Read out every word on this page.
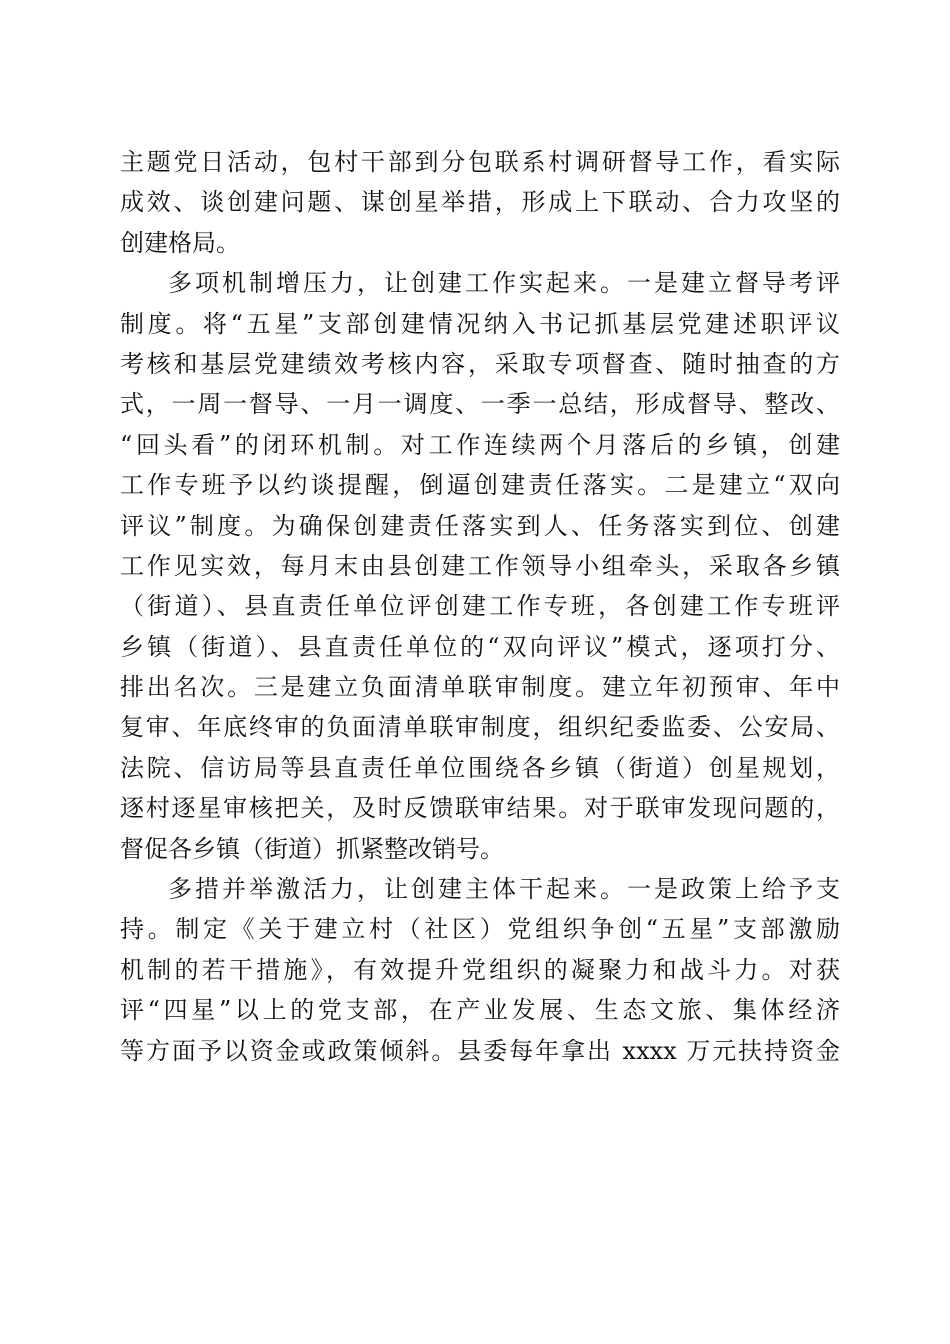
主题党日活动，包村干部到分包联系村调研督导工作，看实际
成效、谈创建问题、谋创星举措，形成上下联动、合力攻坚的
创建格局。
多项机制增压力，让创建工作实起来。一是建立督导考评
制度。将“五星”支部创建情况纳入书记抓基层党建述职评议
考核和基层党建绩效考核内容，采取专项督查、随时抽查的方
式，一周一督导、一月一调度、一季一总结，形成督导、整改、
“回头看”的闭环机制。对工作连续两个月落后的乡镇，创建
工作专班予以约谈提醒，倒逼创建责任落实。二是建立“双向
评议”制度。为确保创建责任落实到人、任务落实到位、创建
工作见实效，每月末由县创建工作领导小组牵头，采取各乡镇
（街道）、县直责任单位评创建工作专班，各创建工作专班评
乡镇（街道）、县直责任单位的“双向评议”模式，逐项打分、
排出名次。三是建立负面清单联审制度。建立年初预审、年中
复审、年底终审的负面清单联审制度，组织纪委监委、公安局、
法院、信访局等县直责任单位围绕各乡镇（街道）创星规划，
逐村逐星审核把关，及时反馈联审结果。对于联审发现问题的，
督促各乡镇（街道）抓紧整改销号。
多措并举激活力，让创建主体干起来。一是政策上给予支
持。制定《关于建立村（社区）党组织争创“五星”支部激励
机制的若干措施》，有效提升党组织的凝聚力和战斗力。对获
评“四星”以上的党支部，在产业发展、生态文旅、集体经济
等方面予以资金或政策倾斜。县委每年拿出 xxxx 万元扶持资金
